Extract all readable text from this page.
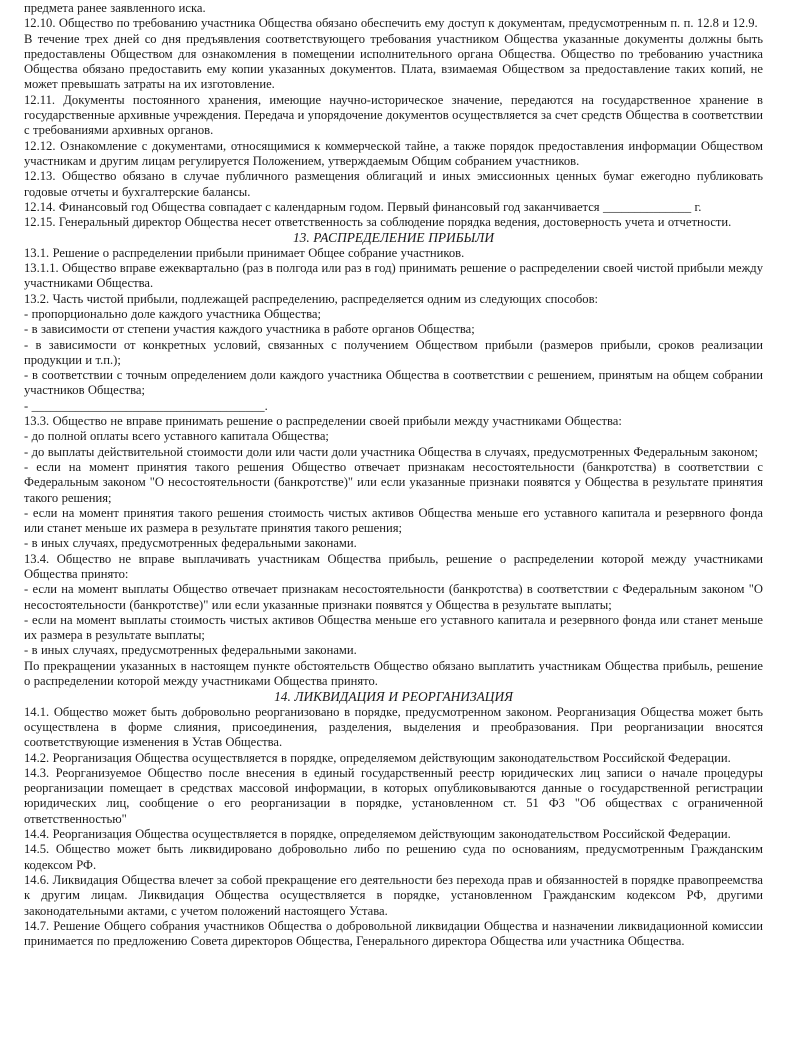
предмета ранее заявленного иска.

12.10. Общество по требованию участника Общества обязано обеспечить ему доступ к документам, предусмотренным п. п. 12.8 и 12.9.

В течение трех дней со дня предъявления соответствующего требования участником Общества указанные документы должны быть предоставлены Обществом для ознакомления в помещении исполнительного органа Общества. Общество по требованию участника Общества обязано предоставить ему копии указанных документов. Плата, взимаемая Обществом за предоставление таких копий, не может превышать затраты на их изготовление.

12.11. Документы постоянного хранения, имеющие научно-историческое значение, передаются на государственное хранение в государственные архивные учреждения. Передача и упорядочение документов осуществляется за счет средств Общества в соответствии с требованиями архивных органов.

12.12. Ознакомление с документами, относящимися к коммерческой тайне, а также порядок предоставления информации Обществом участникам и другим лицам регулируется Положением, утверждаемым Общим собранием участников.

12.13. Общество обязано в случае публичного размещения облигаций и иных эмиссионных ценных бумаг ежегодно публиковать годовые отчеты и бухгалтерские балансы.

12.14. Финансовый год Общества совпадает с календарным годом. Первый финансовый год заканчивается ______________ г.

12.15. Генеральный директор Общества несет ответственность за соблюдение порядка ведения, достоверность учета и отчетности.

13. РАСПРЕДЕЛЕНИЕ ПРИБЫЛИ

13.1. Решение о распределении прибыли принимает Общее собрание участников.

13.1.1. Общество вправе ежеквартально (раз в полгода или раз в год) принимать решение о распределении своей чистой прибыли между участниками Общества.

13.2. Часть чистой прибыли, подлежащей распределению, распределяется одним из следующих способов:

- пропорционально доле каждого участника Общества;

- в зависимости от степени участия каждого участника в работе органов Общества;

- в зависимости от конкретных условий, связанных с получением Обществом прибыли (размеров прибыли, сроков реализации продукции и т.п.);

- в соответствии с точным определением доли каждого участника Общества в соответствии с решением, принятым на общем собрании участников Общества;

- _____________________________________.

13.3. Общество не вправе принимать решение о распределении своей прибыли между участниками Общества:

- до полной оплаты всего уставного капитала Общества;

- до выплаты действительной стоимости доли или части доли участника Общества в случаях, предусмотренных Федеральным законом;

- если на момент принятия такого решения Общество отвечает признакам несостоятельности (банкротства) в соответствии с Федеральным законом "О несостоятельности (банкротстве)" или если указанные признаки появятся у Общества в результате принятия такого решения;

- если на момент принятия такого решения стоимость чистых активов Общества меньше его уставного капитала и резервного фонда или станет меньше их размера в результате принятия такого решения;

- в иных случаях, предусмотренных федеральными законами.

13.4. Общество не вправе выплачивать участникам Общества прибыль, решение о распределении которой между участниками Общества принято:

- если на момент выплаты Общество отвечает признакам несостоятельности (банкротства) в соответствии с Федеральным законом "О несостоятельности (банкротстве)" или если указанные признаки появятся у Общества в результате выплаты;

- если на момент выплаты стоимость чистых активов Общества меньше его уставного капитала и резервного фонда или станет меньше их размера в результате выплаты;

- в иных случаях, предусмотренных федеральными законами.

По прекращении указанных в настоящем пункте обстоятельств Общество обязано выплатить участникам Общества прибыль, решение о распределении которой между участниками Общества принято.

14. ЛИКВИДАЦИЯ И РЕОРГАНИЗАЦИЯ

14.1. Общество может быть добровольно реорганизовано в порядке, предусмотренном законом. Реорганизация Общества может быть осуществлена в форме слияния, присоединения, разделения, выделения и преобразования. При реорганизации вносятся соответствующие изменения в Устав Общества.

14.2. Реорганизация Общества осуществляется в порядке, определяемом действующим законодательством Российской Федерации.

14.3. Реорганизуемое Общество после внесения в единый государственный реестр юридических лиц записи о начале процедуры реорганизации помещает в средствах массовой информации, в которых опубликовываются данные о государственной регистрации юридических лиц, сообщение о его реорганизации в порядке, установленном ст. 51 ФЗ "Об обществах с ограниченной ответственностью"

14.4. Реорганизация Общества осуществляется в порядке, определяемом действующим законодательством Российской Федерации.

14.5. Общество может быть ликвидировано добровольно либо по решению суда по основаниям, предусмотренным Гражданским кодексом РФ.

14.6. Ликвидация Общества влечет за собой прекращение его деятельности без перехода прав и обязанностей в порядке правопреемства к другим лицам. Ликвидация Общества осуществляется в порядке, установленном Гражданским кодексом РФ, другими законодательными актами, с учетом положений настоящего Устава.

14.7. Решение Общего собрания участников Общества о добровольной ликвидации Общества и назначении ликвидационной комиссии принимается по предложению Совета директоров Общества, Генерального директора Общества или участника Общества.
